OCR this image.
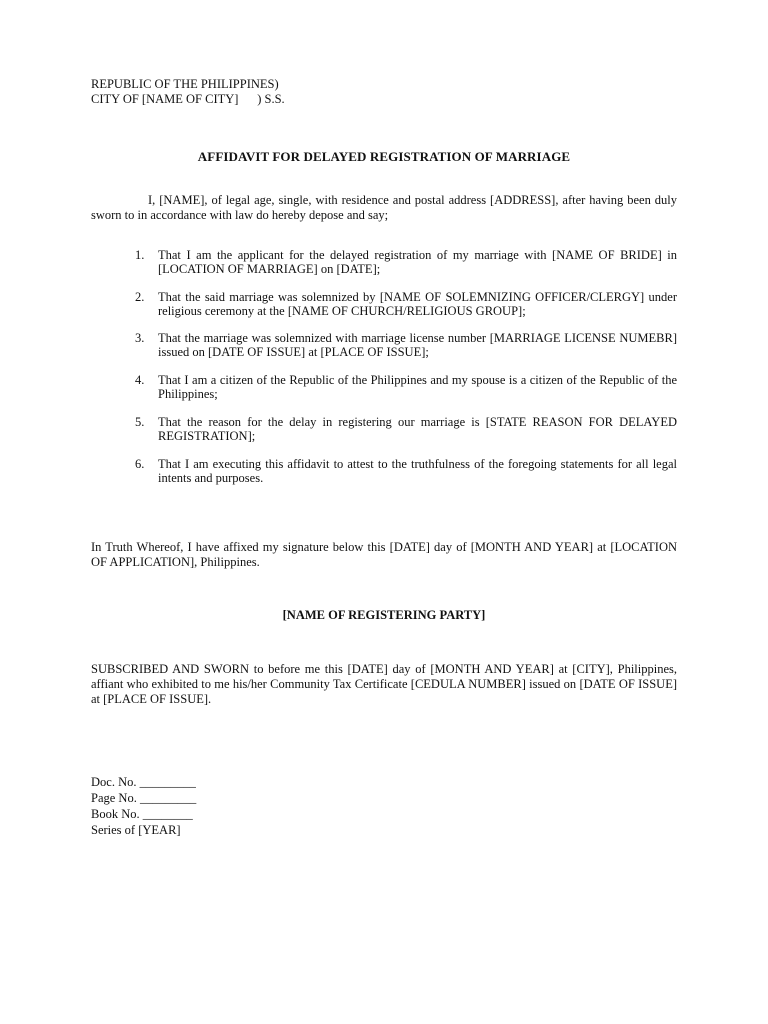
REPUBLIC OF THE PHILIPPINES)
CITY OF [NAME OF CITY]      ) S.S.
AFFIDAVIT FOR DELAYED REGISTRATION OF MARRIAGE
I, [NAME], of legal age, single, with residence and postal address [ADDRESS], after having been duly sworn to in accordance with law do hereby depose and say;
1. That I am the applicant for the delayed registration of my marriage with [NAME OF BRIDE] in [LOCATION OF MARRIAGE] on [DATE];
2. That the said marriage was solemnized by [NAME OF SOLEMNIZING OFFICER/CLERGY] under religious ceremony at the [NAME OF CHURCH/RELIGIOUS GROUP];
3. That the marriage was solemnized with marriage license number [MARRIAGE LICENSE NUMEBR] issued on [DATE OF ISSUE] at [PLACE OF ISSUE];
4. That I am a citizen of the Republic of the Philippines and my spouse is a citizen of the Republic of the Philippines;
5. That the reason for the delay in registering our marriage is [STATE REASON FOR DELAYED REGISTRATION];
6. That I am executing this affidavit to attest to the truthfulness of the foregoing statements for all legal intents and purposes.
In Truth Whereof, I have affixed my signature below this [DATE] day of [MONTH AND YEAR] at [LOCATION OF APPLICATION], Philippines.
[NAME OF REGISTERING PARTY]
SUBSCRIBED AND SWORN to before me this [DATE] day of [MONTH AND YEAR] at [CITY], Philippines, affiant who exhibited to me his/her Community Tax Certificate [CEDULA NUMBER] issued on [DATE OF ISSUE] at [PLACE OF ISSUE].
Doc. No. _________
Page No. _________
Book No. ________
Series of [YEAR]
